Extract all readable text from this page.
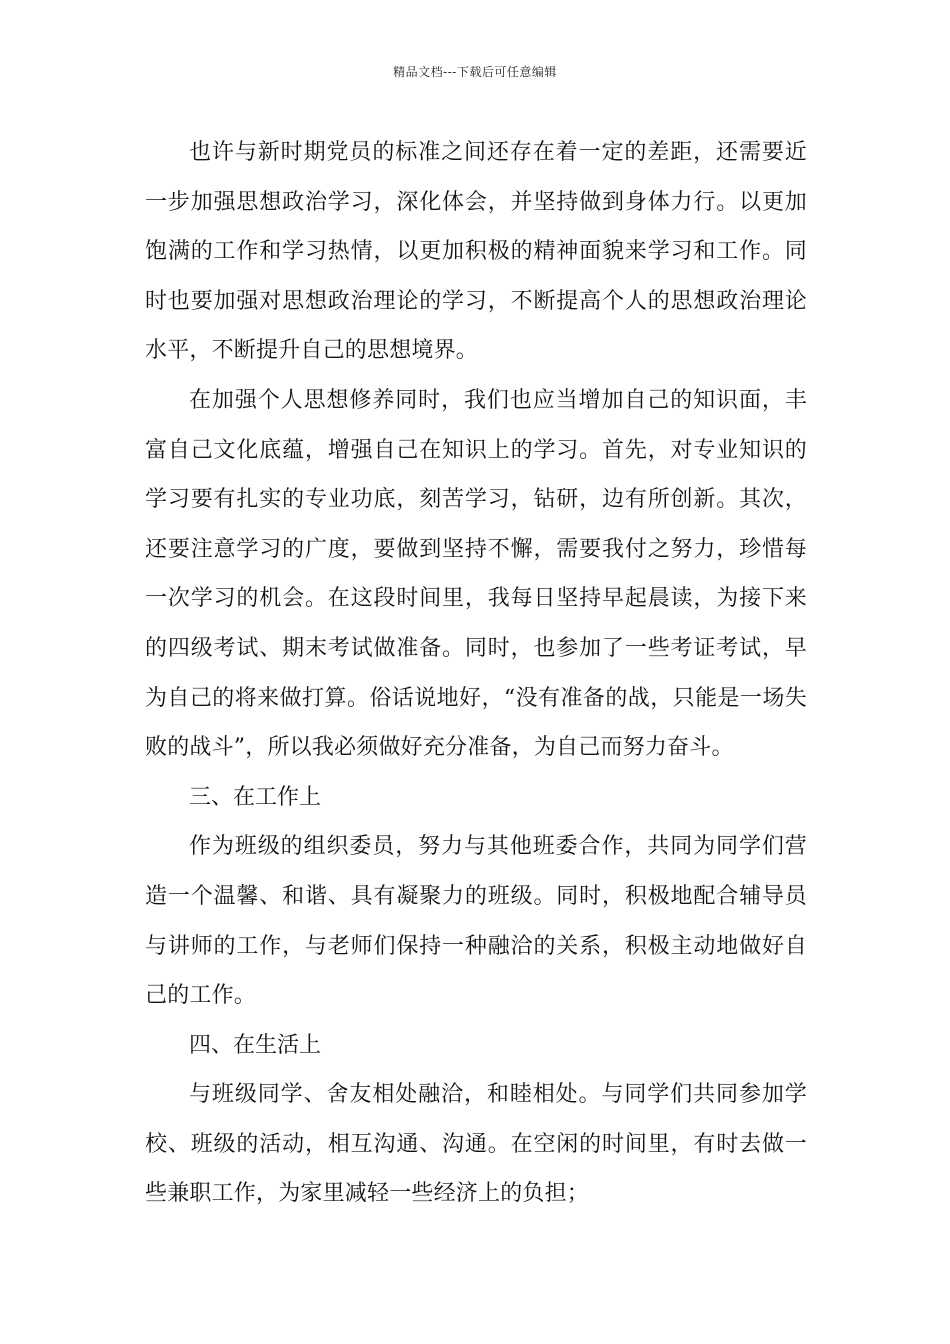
精品文档---下载后可任意编辑

也许与新时期党员的标准之间还存在着一定的差距，还需要近一步加强思想政治学习，深化体会，并坚持做到身体力行。以更加饱满的工作和学习热情，以更加积极的精神面貌来学习和工作。同时也要加强对思想政治理论的学习，不断提高个人的思想政治理论水平，不断提升自己的思想境界。

在加强个人思想修养同时，我们也应当增加自己的知识面，丰富自己文化底蕴，增强自己在知识上的学习。首先，对专业知识的学习要有扎实的专业功底，刻苦学习，钻研，边有所创新。其次，还要注意学习的广度，要做到坚持不懈，需要我付之努力，珍惜每一次学习的机会。在这段时间里，我每日坚持早起晨读，为接下来的四级考试、期末考试做准备。同时，也参加了一些考证考试，早为自己的将来做打算。俗话说地好，“没有准备的战，只能是一场失败的战斗”，所以我必须做好充分准备，为自己而努力奋斗。

三、在工作上

作为班级的组织委员，努力与其他班委合作，共同为同学们营造一个温馨、和谐、具有凝聚力的班级。同时，积极地配合辅导员与讲师的工作，与老师们保持一种融洽的关系，积极主动地做好自己的工作。

四、在生活上

与班级同学、舍友相处融洽，和睦相处。与同学们共同参加学校、班级的活动，相互沟通、沟通。在空闲的时间里，有时去做一些兼职工作，为家里减轻一些经济上的负担；
